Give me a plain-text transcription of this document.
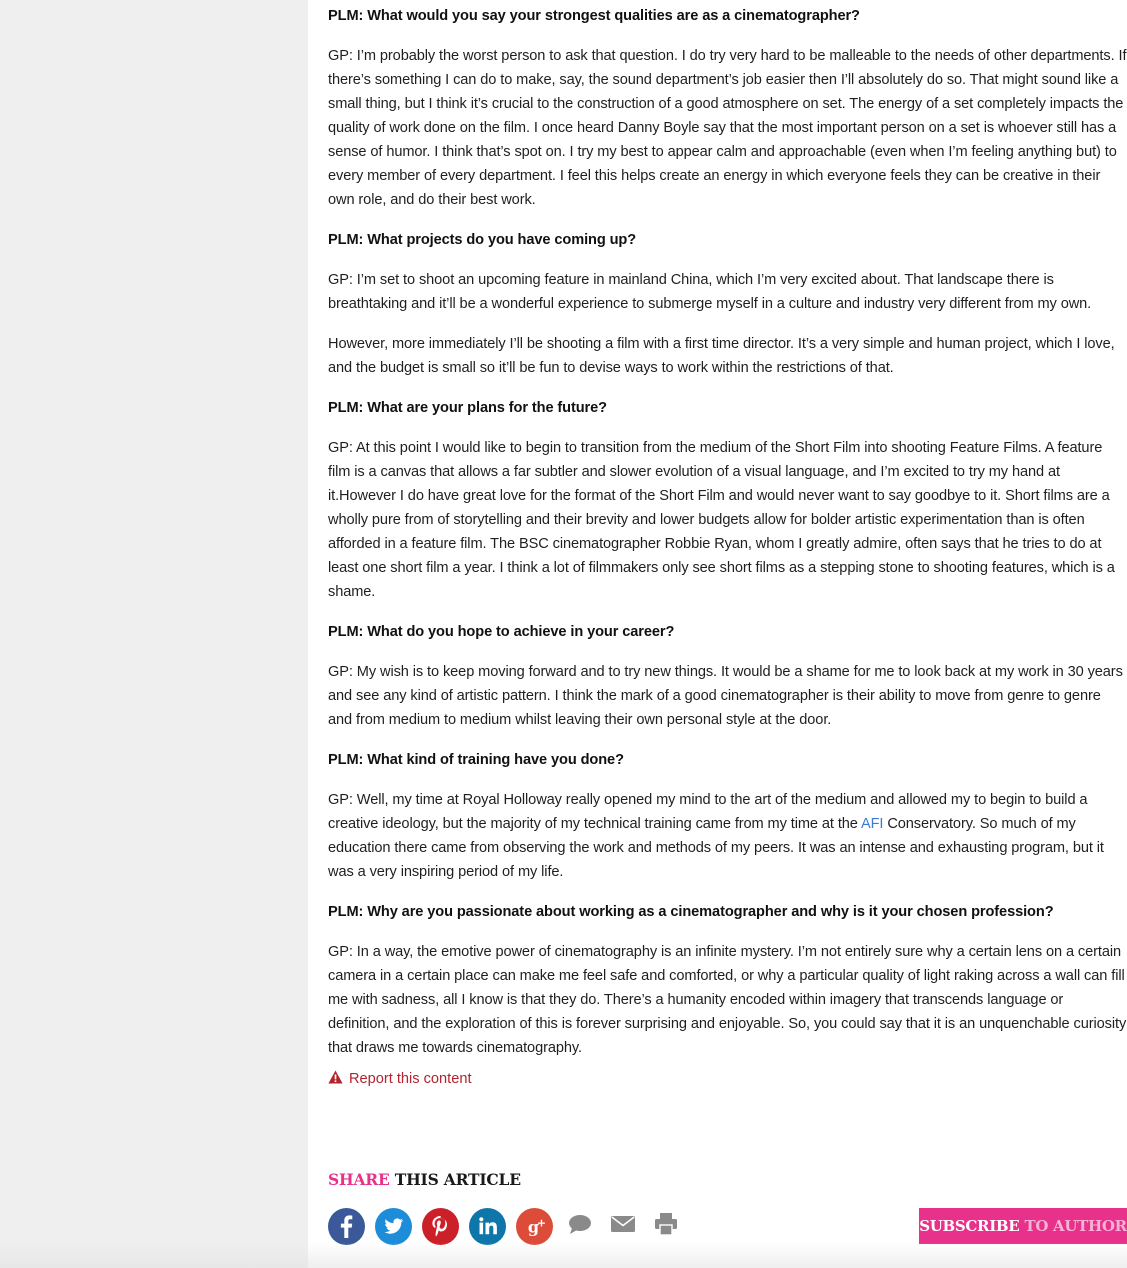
PLM: What would you say your strongest qualities are as a cinematographer?

GP: I’m probably the worst person to ask that question. I do try very hard to be malleable to the needs of other departments. If there’s something I can do to make, say, the sound department’s job easier then I’ll absolutely do so. That might sound like a small thing, but I think it’s crucial to the construction of a good atmosphere on set. The energy of a set completely impacts the quality of work done on the film. I once heard Danny Boyle say that the most important person on a set is whoever still has a sense of humor. I think that’s spot on. I try my best to appear calm and approachable (even when I’m feeling anything but) to every member of every department. I feel this helps create an energy in which everyone feels they can be creative in their own role, and do their best work.

PLM: What projects do you have coming up?

GP: I’m set to shoot an upcoming feature in mainland China, which I’m very excited about. That landscape there is breathtaking and it’ll be a wonderful experience to submerge myself in a culture and industry very different from my own.

However, more immediately I’ll be shooting a film with a first time director. It’s a very simple and human project, which I love, and the budget is small so it’ll be fun to devise ways to work within the restrictions of that.

PLM: What are your plans for the future?

GP: At this point I would like to begin to transition from the medium of the Short Film into shooting Feature Films. A feature film is a canvas that allows a far subtler and slower evolution of a visual language, and I’m excited to try my hand at it.However I do have great love for the format of the Short Film and would never want to say goodbye to it. Short films are a wholly pure from of storytelling and their brevity and lower budgets allow for bolder artistic experimentation than is often afforded in a feature film. The BSC cinematographer Robbie Ryan, whom I greatly admire, often says that he tries to do at least one short film a year. I think a lot of filmmakers only see short films as a stepping stone to shooting features, which is a shame.

PLM: What do you hope to achieve in your career?

GP: My wish is to keep moving forward and to try new things. It would be a shame for me to look back at my work in 30 years and see any kind of artistic pattern. I think the mark of a good cinematographer is their ability to move from genre to genre and from medium to medium whilst leaving their own personal style at the door.

PLM: What kind of training have you done?

GP: Well, my time at Royal Holloway really opened my mind to the art of the medium and allowed my to begin to build a creative ideology, but the majority of my technical training came from my time at the AFI Conservatory. So much of my education there came from observing the work and methods of my peers. It was an intense and exhausting program, but it was a very inspiring period of my life.

PLM: Why are you passionate about working as a cinematographer and why is it your chosen profession?

GP: In a way, the emotive power of cinematography is an infinite mystery. I’m not entirely sure why a certain lens on a certain camera in a certain place can make me feel safe and comforted, or why a particular quality of light raking across a wall can fill me with sadness, all I know is that they do. There’s a humanity encoded within imagery that transcends language or definition, and the exploration of this is forever surprising and enjoyable. So, you could say that it is an unquenchable curiosity that draws me towards cinematography.

Report this content
SHARE THIS ARTICLE
g
+	SUBSCRIBE TO AUTHOR
